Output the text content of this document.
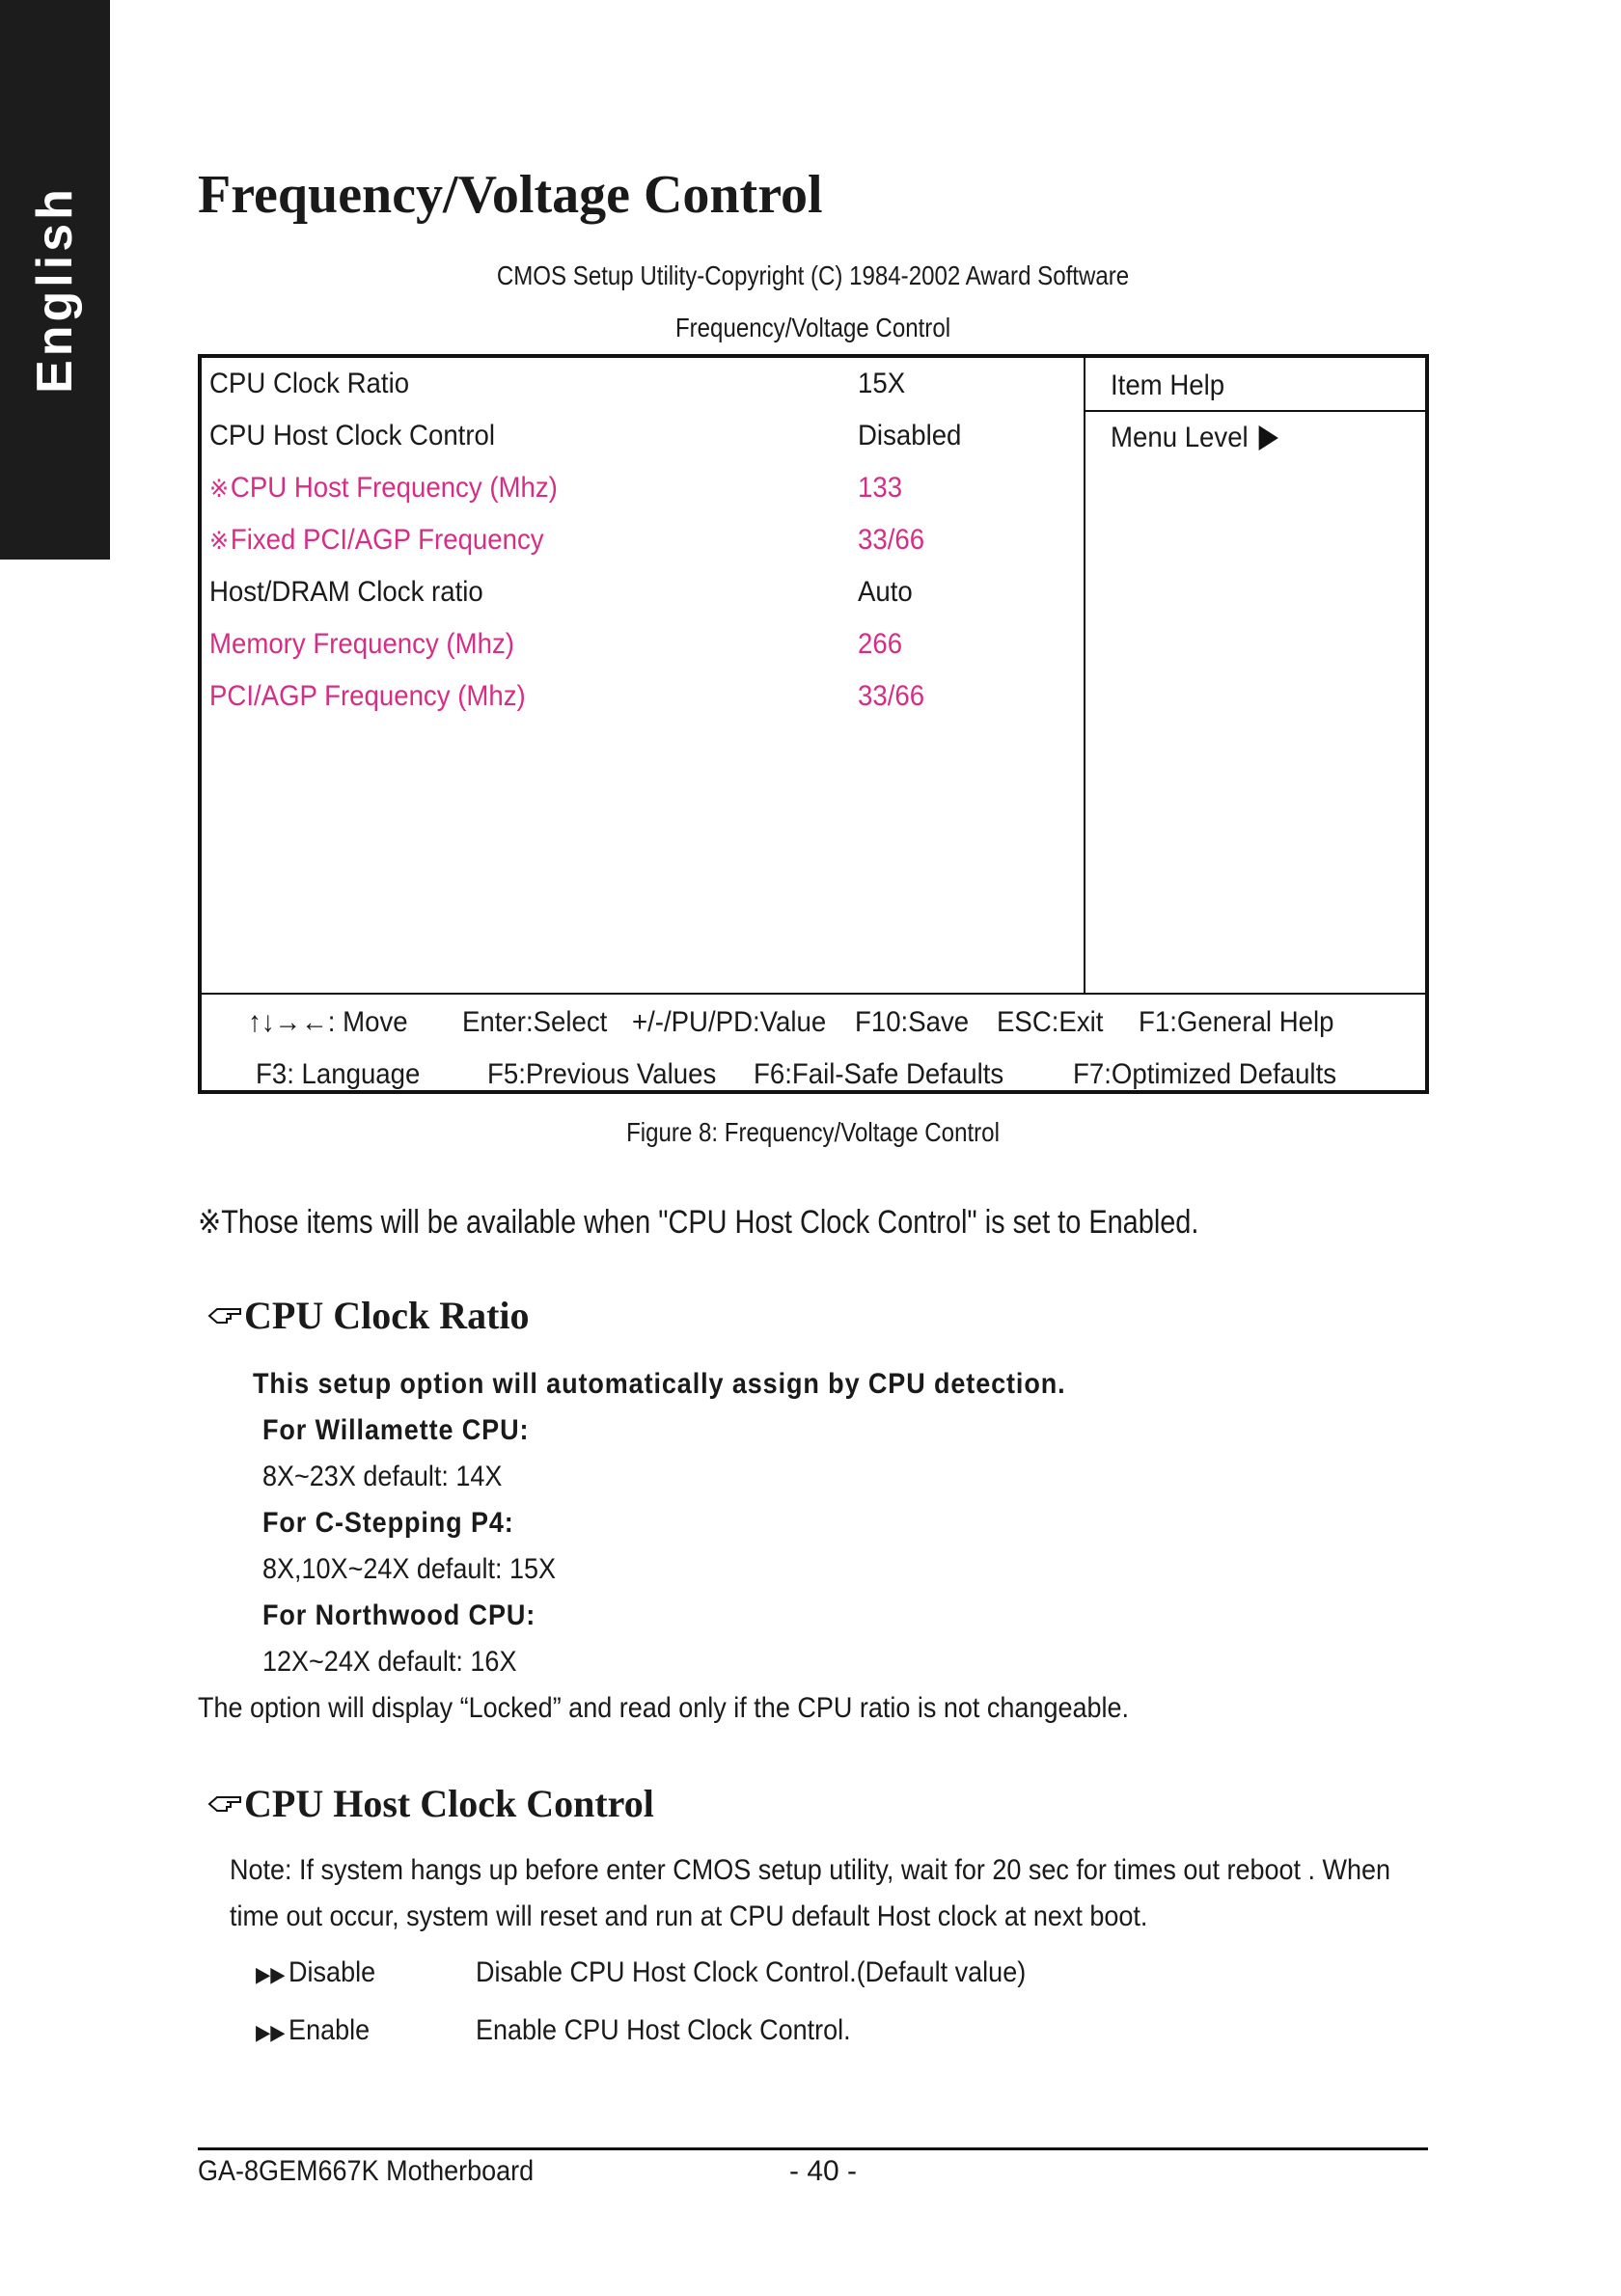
English Frequency/Voltage Control
CMOS Setup Utility-Copyright (C) 1984-2002 Award Software
Frequency/Voltage Control
CPU Clock Ratio	15X
CPU Host Clock Control	Disabled
※CPU Host Frequency (Mhz)	133
※Fixed PCI/AGP Frequency	33/66
Host/DRAM Clock ratio	Auto
Memory Frequency (Mhz)	266
PCI/AGP Frequency (Mhz)	33/66
Item Help
Menu Level
↑↓→←: Move Enter:Select +/-/PU/PD:Value F10:Save ESC:Exit F1:General Help
F3: Language F5:Previous Values F6:Fail-Safe Defaults F7:Optimized Defaults
Figure 8: Frequency/Voltage Control
※Those items will be available when "CPU Host Clock Control" is set to Enabled.
CPU Clock Ratio
This setup option will automatically assign by CPU detection.
For Willamette CPU:
8X~23X default: 14X
For C-Stepping P4:
8X,10X~24X default: 15X
For Northwood CPU:
12X~24X default: 16X
The option will display “Locked” and read only if the CPU ratio is not changeable.
CPU Host Clock Control
Note: If system hangs up before enter CMOS setup utility, wait for 20 sec for times out reboot . When
time out occur, system will reset and run at CPU default Host clock at next boot.
▶▶ Disable	Disable CPU Host Clock Control.(Default value)
▶▶ Enable	Enable CPU Host Clock Control.
GA-8GEM667K Motherboard	- 40 -
